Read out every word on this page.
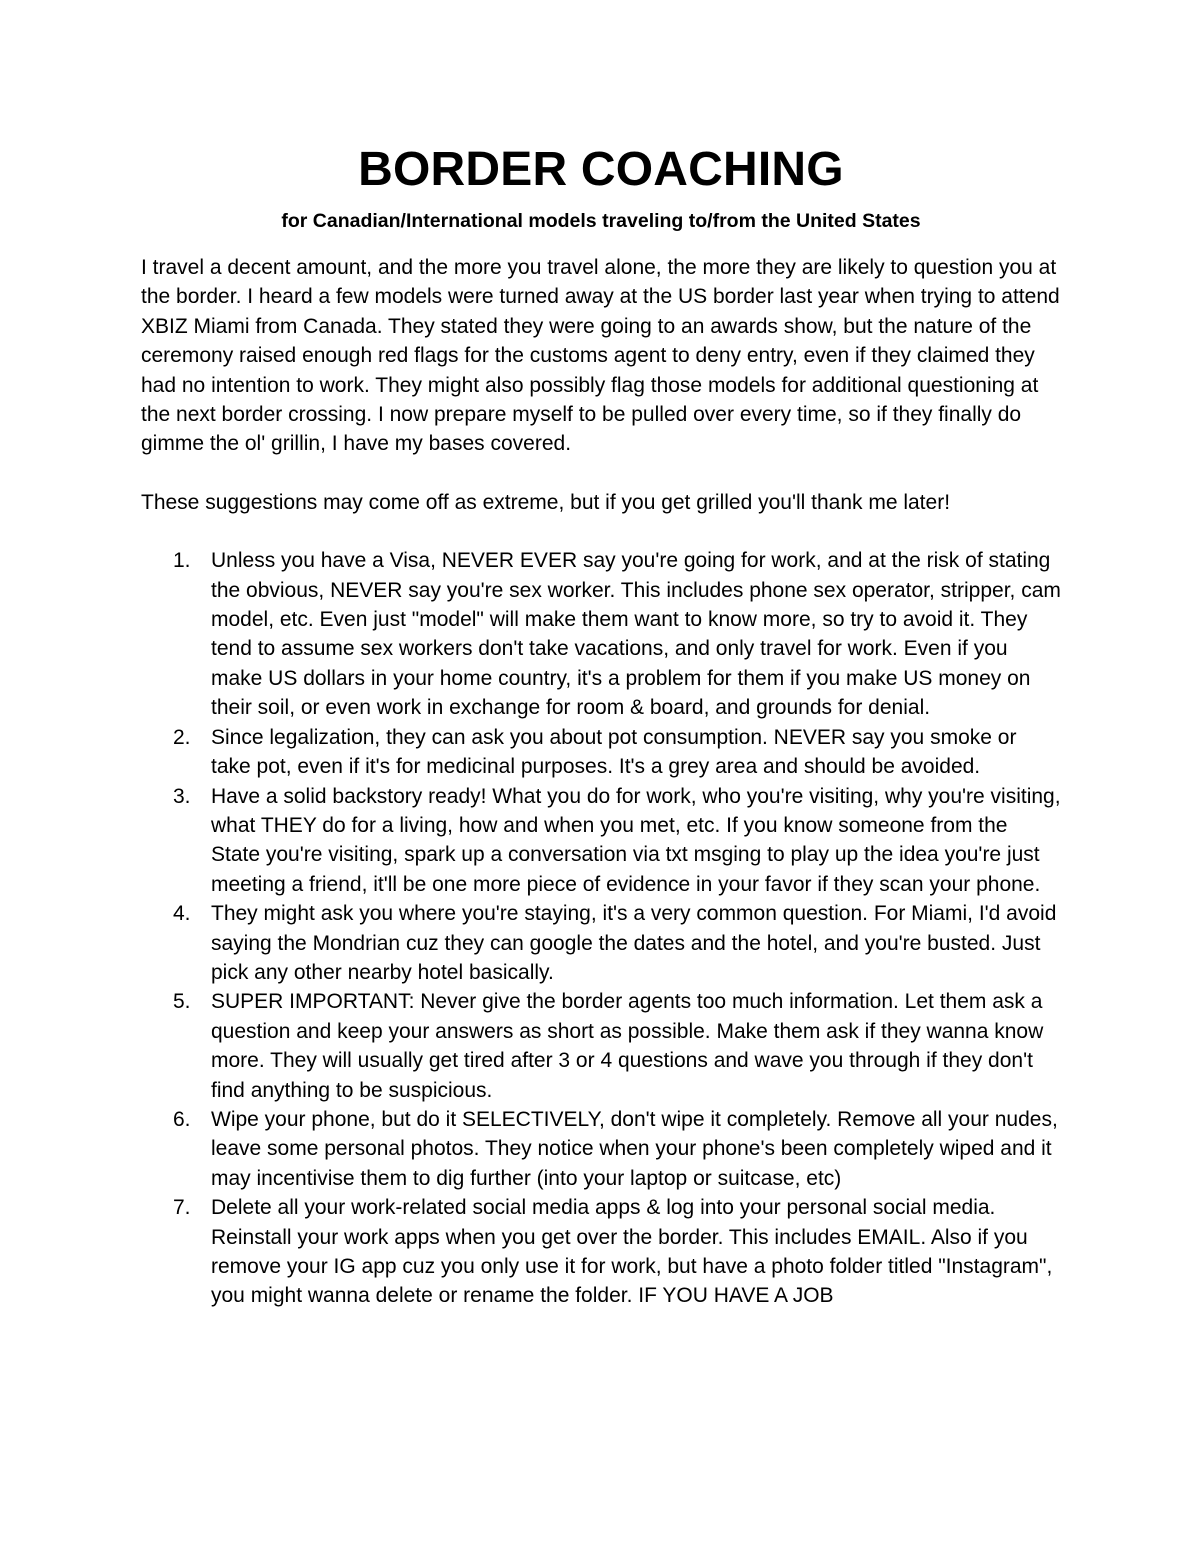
BORDER COACHING

for Canadian/International models traveling to/from the United States

I travel a decent amount, and the more you travel alone, the more they are likely to question you at the border. I heard a few models were turned away at the US border last year when trying to attend XBIZ Miami from Canada. They stated they were going to an awards show, but the nature of the ceremony raised enough red flags for the customs agent to deny entry, even if they claimed they had no intention to work. They might also possibly flag those models for additional questioning at the next border crossing. I now prepare myself to be pulled over every time, so if they finally do gimme the ol' grillin, I have my bases covered.

These suggestions may come off as extreme, but if you get grilled you'll thank me later!

1. Unless you have a Visa, NEVER EVER say you're going for work, and at the risk of stating the obvious, NEVER say you're sex worker. This includes phone sex operator, stripper, cam model, etc. Even just "model" will make them want to know more, so try to avoid it. They tend to assume sex workers don't take vacations, and only travel for work. Even if you make US dollars in your home country, it's a problem for them if you make US money on their soil, or even work in exchange for room & board, and grounds for denial.
2. Since legalization, they can ask you about pot consumption. NEVER say you smoke or take pot, even if it's for medicinal purposes. It's a grey area and should be avoided.
3. Have a solid backstory ready! What you do for work, who you're visiting, why you're visiting, what THEY do for a living, how and when you met, etc. If you know someone from the State you're visiting, spark up a conversation via txt msging to play up the idea you're just meeting a friend, it'll be one more piece of evidence in your favor if they scan your phone.
4. They might ask you where you're staying, it's a very common question. For Miami, I'd avoid saying the Mondrian cuz they can google the dates and the hotel, and you're busted. Just pick any other nearby hotel basically.
5. SUPER IMPORTANT: Never give the border agents too much information. Let them ask a question and keep your answers as short as possible. Make them ask if they wanna know more. They will usually get tired after 3 or 4 questions and wave you through if they don't find anything to be suspicious.
6. Wipe your phone, but do it SELECTIVELY, don't wipe it completely. Remove all your nudes, leave some personal photos. They notice when your phone's been completely wiped and it may incentivise them to dig further (into your laptop or suitcase, etc)
7. Delete all your work-related social media apps & log into your personal social media. Reinstall your work apps when you get over the border. This includes EMAIL. Also if you remove your IG app cuz you only use it for work, but have a photo folder titled "Instagram", you might wanna delete or rename the folder. IF YOU HAVE A JOB
